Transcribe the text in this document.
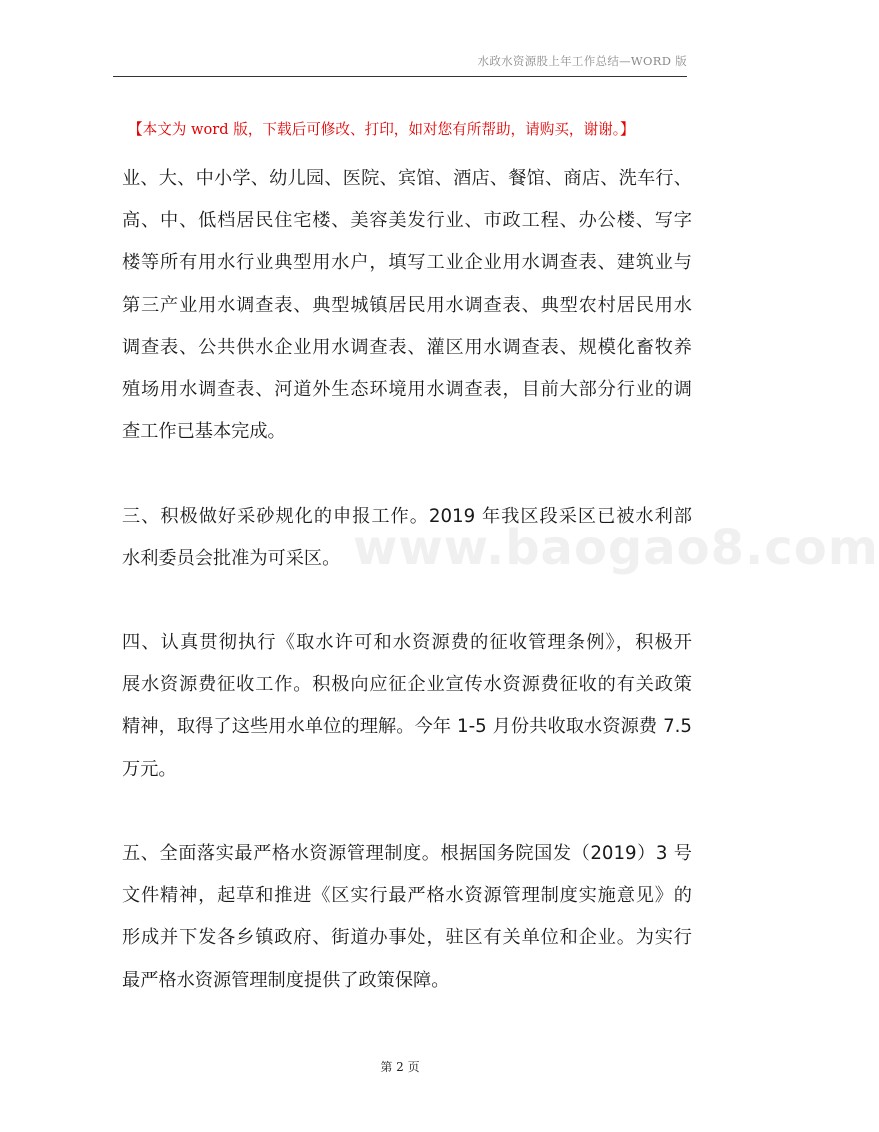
水政水资源股上年工作总结—WORD 版
【本文为 word 版，下载后可修改、打印，如对您有所帮助，请购买，谢谢。】
业、大、中小学、幼儿园、医院、宾馆、酒店、餐馆、商店、洗车行、
高、中、低档居民住宅楼、美容美发行业、市政工程、办公楼、写字
楼等所有用水行业典型用水户，填写工业企业用水调查表、建筑业与
第三产业用水调查表、典型城镇居民用水调查表、典型农村居民用水
调查表、公共供水企业用水调查表、灌区用水调查表、规模化畜牧养
殖场用水调查表、河道外生态环境用水调查表，目前大部分行业的调
查工作已基本完成。
三、积极做好采砂规化的申报工作。2019 年我区段采区已被水利部
水利委员会批准为可采区。
四、认真贯彻执行《取水许可和水资源费的征收管理条例》，积极开
展水资源费征收工作。积极向应征企业宣传水资源费征收的有关政策
精神，取得了这些用水单位的理解。今年 1-5 月份共收取水资源费 7.5
万元。
五、全面落实最严格水资源管理制度。根据国务院国发（2019）3 号
文件精神，起草和推进《区实行最严格水资源管理制度实施意见》的
形成并下发各乡镇政府、街道办事处，驻区有关单位和企业。为实行
最严格水资源管理制度提供了政策保障。
www.baogao8.com
第 2 页
